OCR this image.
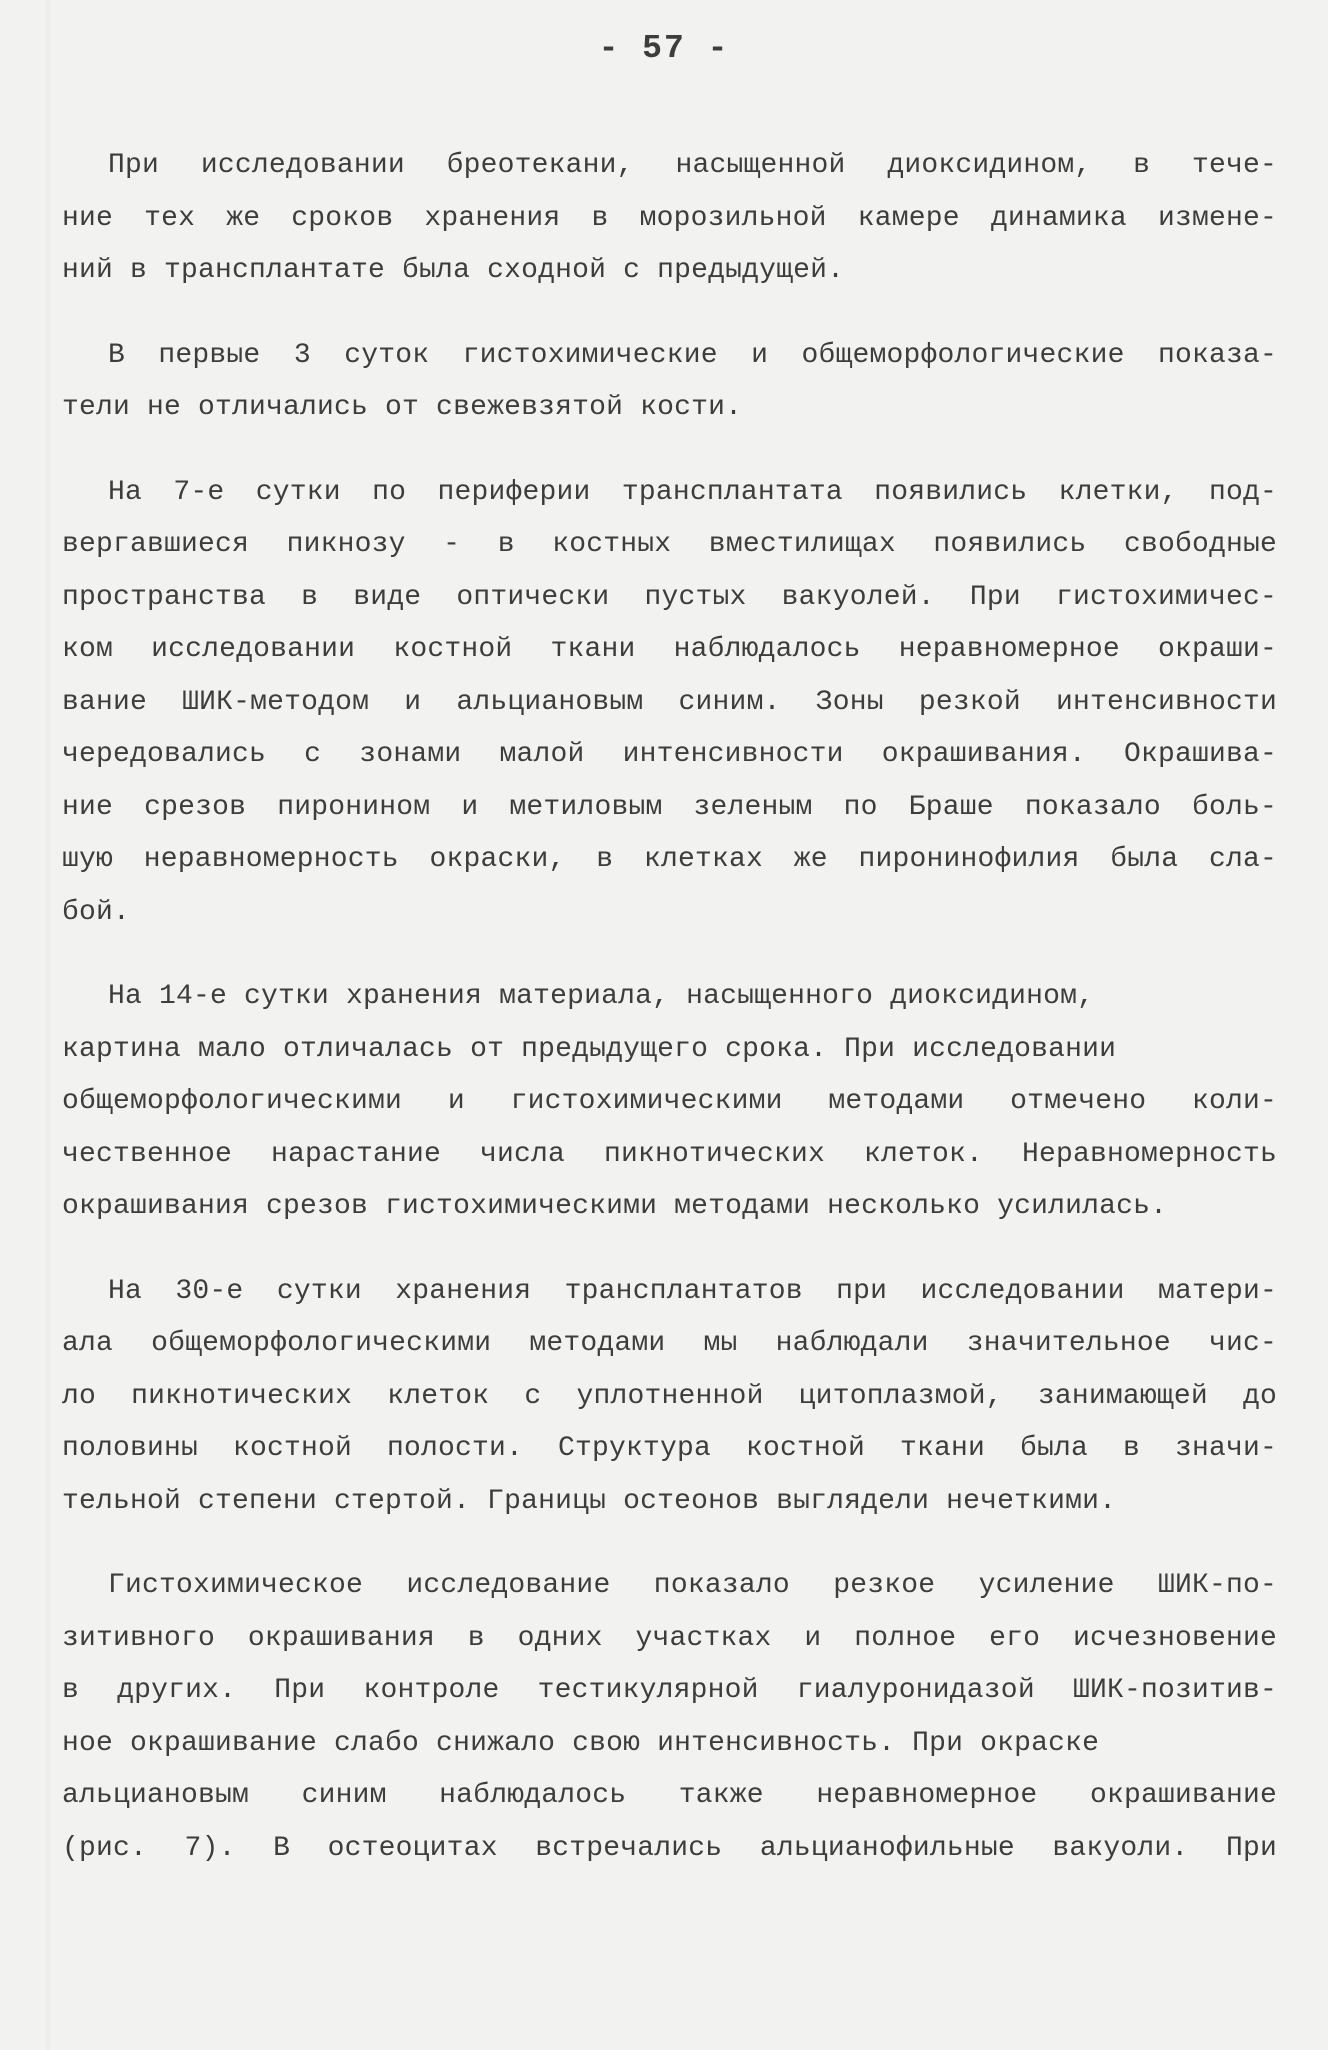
- 57 -
При исследовании бреотекани, насыщенной диоксидином, в тече-
ние тех же сроков хранения в морозильной камере динамика измене-
ний в трансплантате была сходной с предыдущей.
В первые 3 суток гистохимические и общеморфологические показа-
тели не отличались от свежевзятой кости.
На 7-е сутки по периферии трансплантата появились клетки, под-
вергавшиеся пикнозу - в костных вместилищах появились свободные
пространства в виде оптически пустых вакуолей. При гистохимичес-
ком исследовании костной ткани наблюдалось неравномерное окраши-
вание ШИК-методом и альциановым синим. Зоны резкой интенсивности
чередовались с зонами малой интенсивности окрашивания. Окрашива-
ние срезов пиронином и метиловым зеленым по Браше показало боль-
шую неравномерность окраски, в клетках же пиронинофилия была сла-
бой.
На 14-е сутки хранения материала, насыщенного диоксидином,
картина мало отличалась от предыдущего срока. При исследовании
общеморфологическими и гистохимическими методами отмечено коли-
чественное нарастание числа пикнотических клеток. Неравномерность
окрашивания срезов гистохимическими методами несколько усилилась.
На 30-е сутки хранения трансплантатов при исследовании матери-
ала общеморфологическими методами мы наблюдали значительное чис-
ло пикнотических клеток с уплотненной цитоплазмой, занимающей до
половины костной полости. Структура костной ткани была в значи-
тельной степени стертой. Границы остеонов выглядели нечеткими.
Гистохимическое исследование показало резкое усиление ШИК-по-
зитивного окрашивания в одних участках и полное его исчезновение
в других. При контроле тестикулярной гиалуронидазой ШИК-позитив-
ное окрашивание слабо снижало свою интенсивность. При окраске
альциановым синим наблюдалось также неравномерное окрашивание
(рис. 7). В остеоцитах встречались альцианофильные вакуоли. При
